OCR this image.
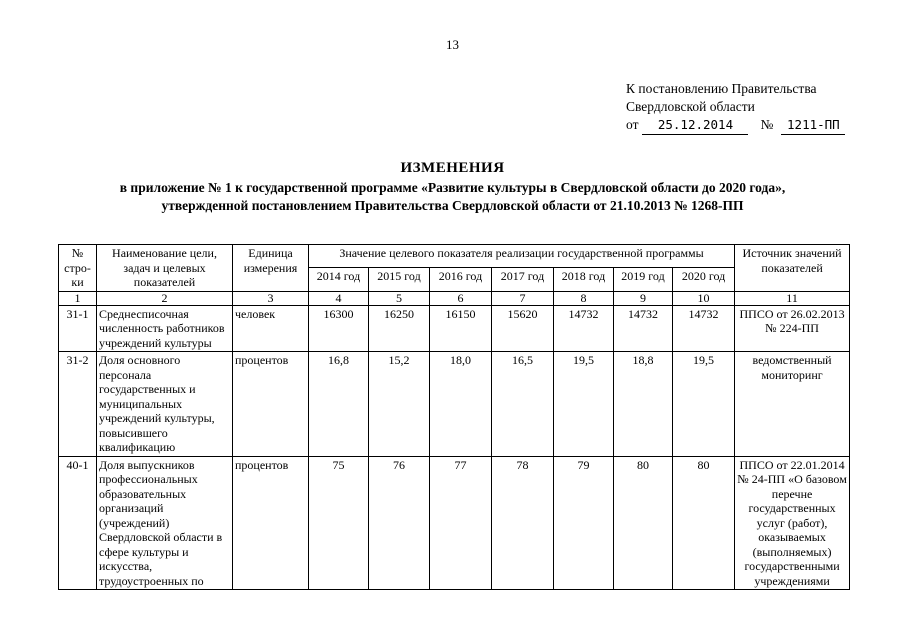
13
К постановлению Правительства
Свердловской области
от	25.12.2014	№	1211-ПП
ИЗМЕНЕНИЯ
в приложение № 1 к государственной программе «Развитие культуры в Свердловской области до 2020 года»,
утвержденной постановлением Правительства Свердловской области от 21.10.2013 № 1268-ПП
№ стро-ки	Наименование цели, задач и целевых показателей	Единица измерения	Значение целевого показателя реализации государственной программы							Источник значений показателей
			2014 год	2015 год	2016 год	2017 год	2018 год	2019 год	2020 год	
1	2	3	4	5	6	7	8	9	10	11
31-1	Среднесписочная численность работников учреждений культуры	человек	16300	16250	16150	15620	14732	14732	14732	ППСО от 26.02.2013 № 224-ПП
31-2	Доля основного персонала государственных и муниципальных учреждений культуры, повысившего квалификацию	процентов	16,8	15,2	18,0	16,5	19,5	18,8	19,5	ведомственный мониторинг
40-1	Доля выпускников профессиональных образовательных организаций (учреждений) Свердловской области в сфере культуры и искусства, трудоустроенных по	процентов	75	76	77	78	79	80	80	ППСО от 22.01.2014 № 24-ПП «О базовом перечне государственных услуг (работ), оказываемых (выполняемых) государственными учреждениями
